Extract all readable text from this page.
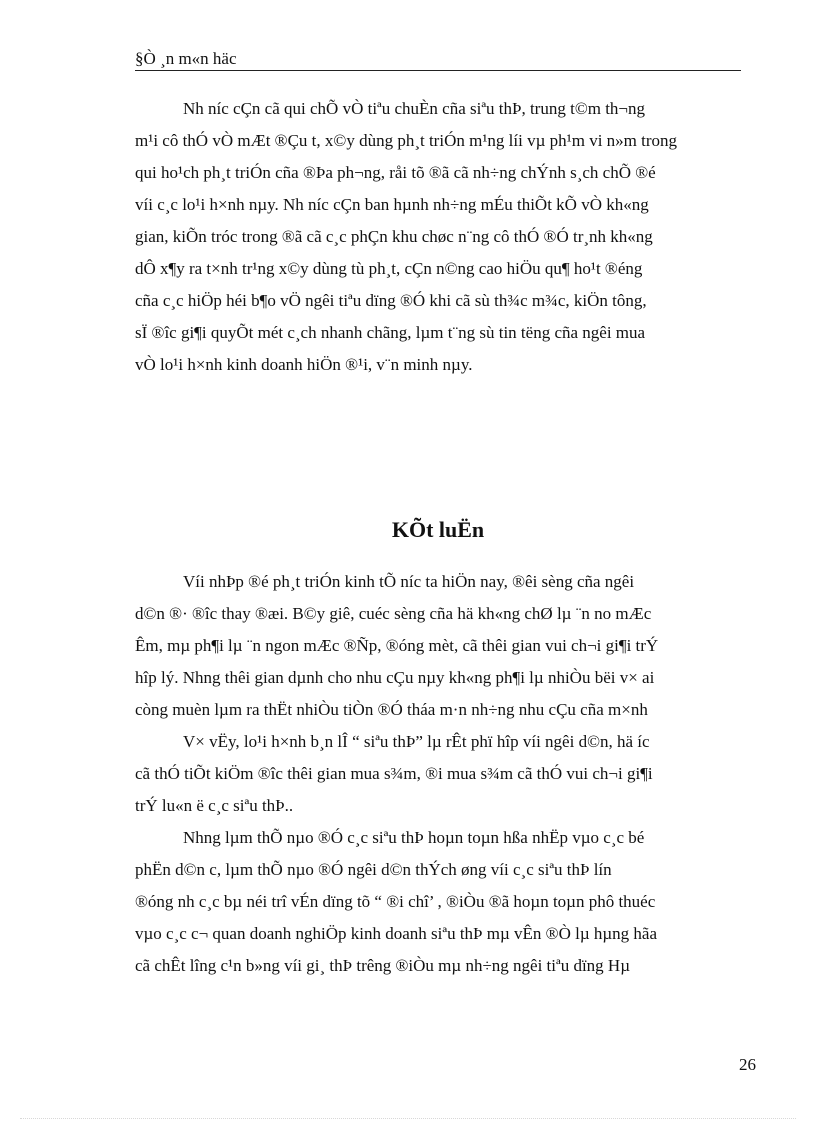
§Ò ¸n m«n häc
Nh níc cÇn cã qui chÕ vÒ tiªu chuÈn cña siªu thÞ, trung t©m th¬ng
m¹i cô thÓ vÒ mÆt ®Çu t, x©y dùng ph¸t triÓn m¹ng líi vµ ph¹m vi n»m trong
qui ho¹ch ph¸t triÓn cña ®Þa ph¬ng, råi tõ ®ã cã nh÷ng chÝnh s¸ch chÕ ®é
víi c¸c lo¹i h×nh nµy. Nh níc cÇn ban hµnh nh÷ng mÉu thiÕt kÕ vÒ kh«ng
gian, kiÕn tróc trong ®ã cã c¸c phÇn khu chøc n¨ng cô thÓ ®Ó tr¸nh kh«ng
dÔ x¶y ra t×nh tr¹ng x©y dùng tù ph¸t, cÇn n©ng cao hiÖu qu¶ ho¹t ®éng
cña c¸c hiÖp héi b¶o vÖ ngêi tiªu dïng ®Ó khi cã sù th¾c m¾c, kiÖn tông,
sÏ ®îc gi¶i quyÕt mét c¸ch nhanh chãng, lµm t¨ng sù tin tëng cña ngêi mua
vÒ lo¹i h×nh kinh doanh hiÖn ®¹i, v¨n minh nµy.
KÕt luËn
Víi nhÞp ®é ph¸t triÓn kinh tÕ níc ta hiÖn nay, ®êi sèng cña ngêi
d©n ®· ®îc thay ®æi. B©y giê, cuéc sèng cña hä kh«ng chØ lµ ¨n no mÆc
Êm, mµ ph¶i lµ ¨n ngon mÆc ®Ñp, ®óng mèt, cã thêi gian vui ch¬i gi¶i trÝ
hîp lý. Nhng thêi gian dµnh cho nhu cÇu nµy kh«ng ph¶i lµ nhiÒu bëi v× ai
còng muèn lµm ra thËt nhiÒu tiÒn ®Ó tháa m·n nh÷ng nhu cÇu cña m×nh
V× vËy, lo¹i h×nh b¸n lÎ “ siªu thÞ” lµ rÊt phï hîp víi ngêi d©n, hä íc
cã thÓ tiÕt kiÖm ®îc thêi gian mua s¾m, ®i mua s¾m cã thÓ vui ch¬i gi¶i
trÝ lu«n ë c¸c siªu thÞ..
Nhng lµm thÕ nµo ®Ó c¸c siªu thÞ hoµn toµn hßa nhËp vµo c¸c bé
phËn d©n c, lµm thÕ nµo ®Ó ngêi d©n thÝch øng víi c¸c siªu thÞ lín
®óng nh c¸c bµ néi trî vÉn dïng tõ “ ®i chî’ , ®iÒu ®ã hoµn toµn phô thuéc
vµo c¸c c¬ quan doanh nghiÖp kinh doanh siªu thÞ mµ vÊn ®Ò lµ hµng hãa
cã chÊt lîng c¹n b»ng víi gi¸ thÞ trêng ®iÒu mµ nh÷ng ngêi tiªu dïng Hµ
26
